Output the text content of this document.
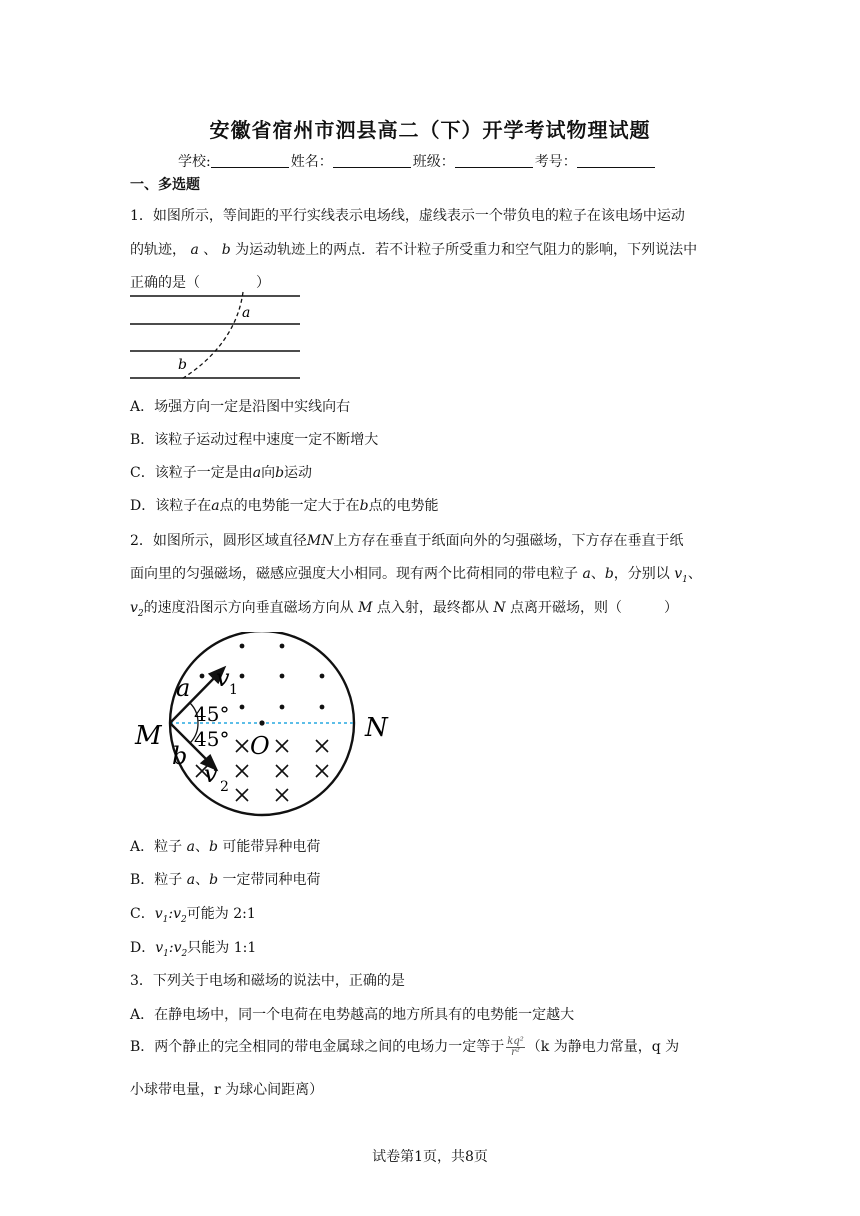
安徽省宿州市泗县高二（下）开学考试物理试题
学校:	姓名：	班级：	考号：
一、多选题
1．如图所示，等间距的平行实线表示电场线，虚线表示一个带负电的粒子在该电场中运动
的轨迹， a 、 b 为运动轨迹上的两点．若不计粒子所受重力和空气阻力的影响，下列说法中
正确的是（　　　　）
a
b
A．场强方向一定是沿图中实线向右
B．该粒子运动过程中速度一定不断增大
C．该粒子一定是由a向b运动
D．该粒子在a点的电势能一定大于在b点的电势能
2．如图所示，圆形区域直径MN上方存在垂直于纸面向外的匀强磁场，下方存在垂直于纸
面向里的匀强磁场，磁感应强度大小相同。现有两个比荷相同的带电粒子 a、b，分别以 $v_1$、
$v_2$的速度沿图示方向垂直磁场方向从 M 点入射，最终都从 N 点离开磁场，则（　　　）
M	N
O
a
b
v 1
v 2
45°
45°
A．粒子 a、b 可能带异种电荷
B．粒子 a、b 一定带同种电荷
C．$v_1:v_2$可能为 2:1
D．$v_1:v_2$只能为 1:1
3．下列关于电场和磁场的说法中，正确的是
A．在静电场中，同一个电荷在电势越高的地方所具有的电势能一定越大
B．两个静止的完全相同的带电金属球之间的电场力一定等于 $\frac{\text{kq²}}{\text{r²}} (k$ 为静电力常量，q 为
小球带电量，r 为球心间距离）
试卷第1页，共8页
